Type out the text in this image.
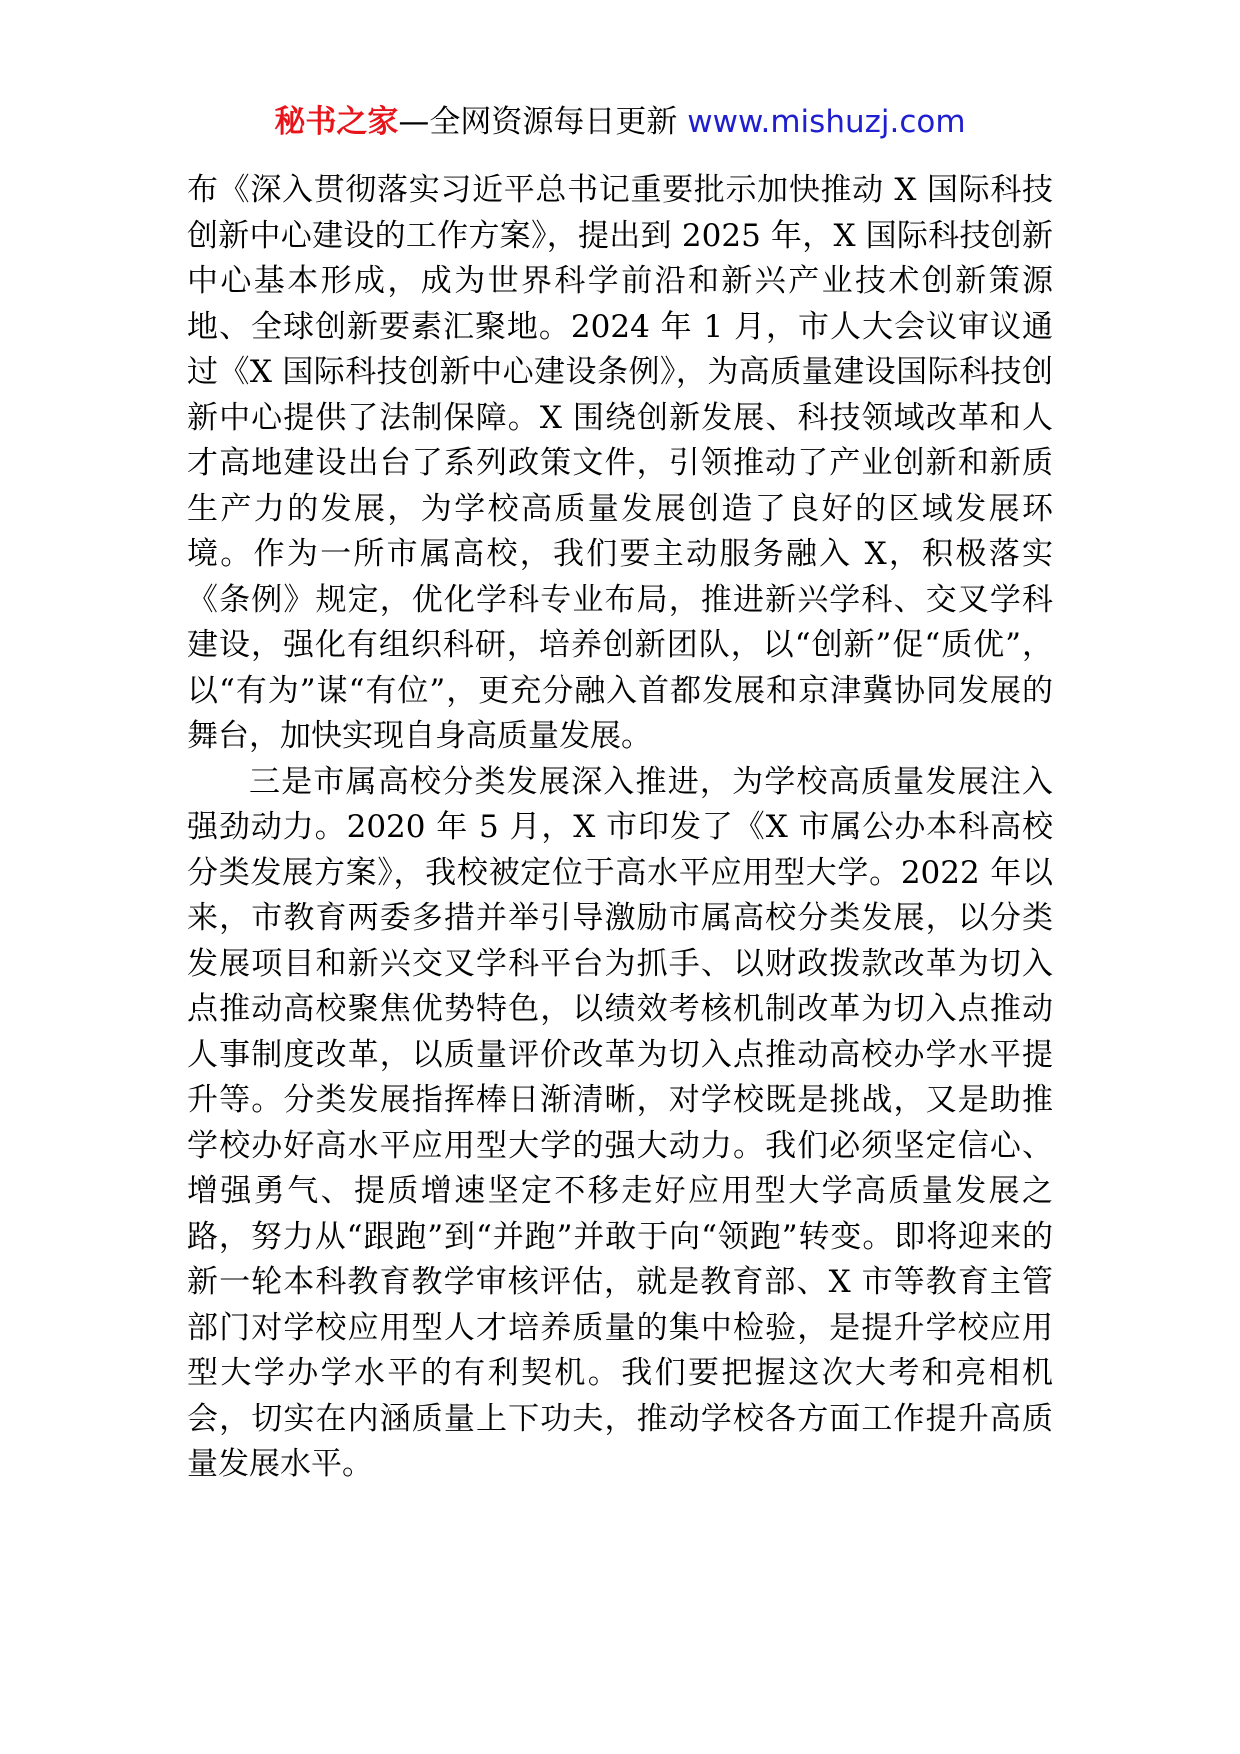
秘书之家—全网资源每日更新 www.mishuzj.com

布《深入贯彻落实习近平总书记重要批示加快推动 X 国际科技创新中心建设的工作方案》，提出到 2025 年，X 国际科技创新中心基本形成，成为世界科学前沿和新兴产业技术创新策源地、全球创新要素汇聚地。2024 年 1 月，市人大会议审议通过《X 国际科技创新中心建设条例》，为高质量建设国际科技创新中心提供了法制保障。X 围绕创新发展、科技领域改革和人才高地建设出台了系列政策文件，引领推动了产业创新和新质生产力的发展，为学校高质量发展创造了良好的区域发展环境。作为一所市属高校，我们要主动服务融入 X，积极落实《条例》规定，优化学科专业布局，推进新兴学科、交叉学科建设，强化有组织科研，培养创新团队，以“创新”促“质优”，以“有为”谋“有位”，更充分融入首都发展和京津冀协同发展的舞台，加快实现自身高质量发展。

三是市属高校分类发展深入推进，为学校高质量发展注入强劲动力。2020 年 5 月，X 市印发了《X 市属公办本科高校分类发展方案》，我校被定位于高水平应用型大学。2022 年以来，市教育两委多措并举引导激励市属高校分类发展，以分类发展项目和新兴交叉学科平台为抓手、以财政拨款改革为切入点推动高校聚焦优势特色，以绩效考核机制改革为切入点推动人事制度改革，以质量评价改革为切入点推动高校办学水平提升等。分类发展指挥棒日渐清晰，对学校既是挑战，又是助推学校办好高水平应用型大学的强大动力。我们必须坚定信心、增强勇气、提质增速坚定不移走好应用型大学高质量发展之路，努力从“跟跑”到“并跑”并敢于向“领跑”转变。即将迎来的新一轮本科教育教学审核评估，就是教育部、X 市等教育主管部门对学校应用型人才培养质量的集中检验，是提升学校应用型大学办学水平的有利契机。我们要把握这次大考和亮相机会，切实在内涵质量上下功夫，推动学校各方面工作提升高质量发展水平。
